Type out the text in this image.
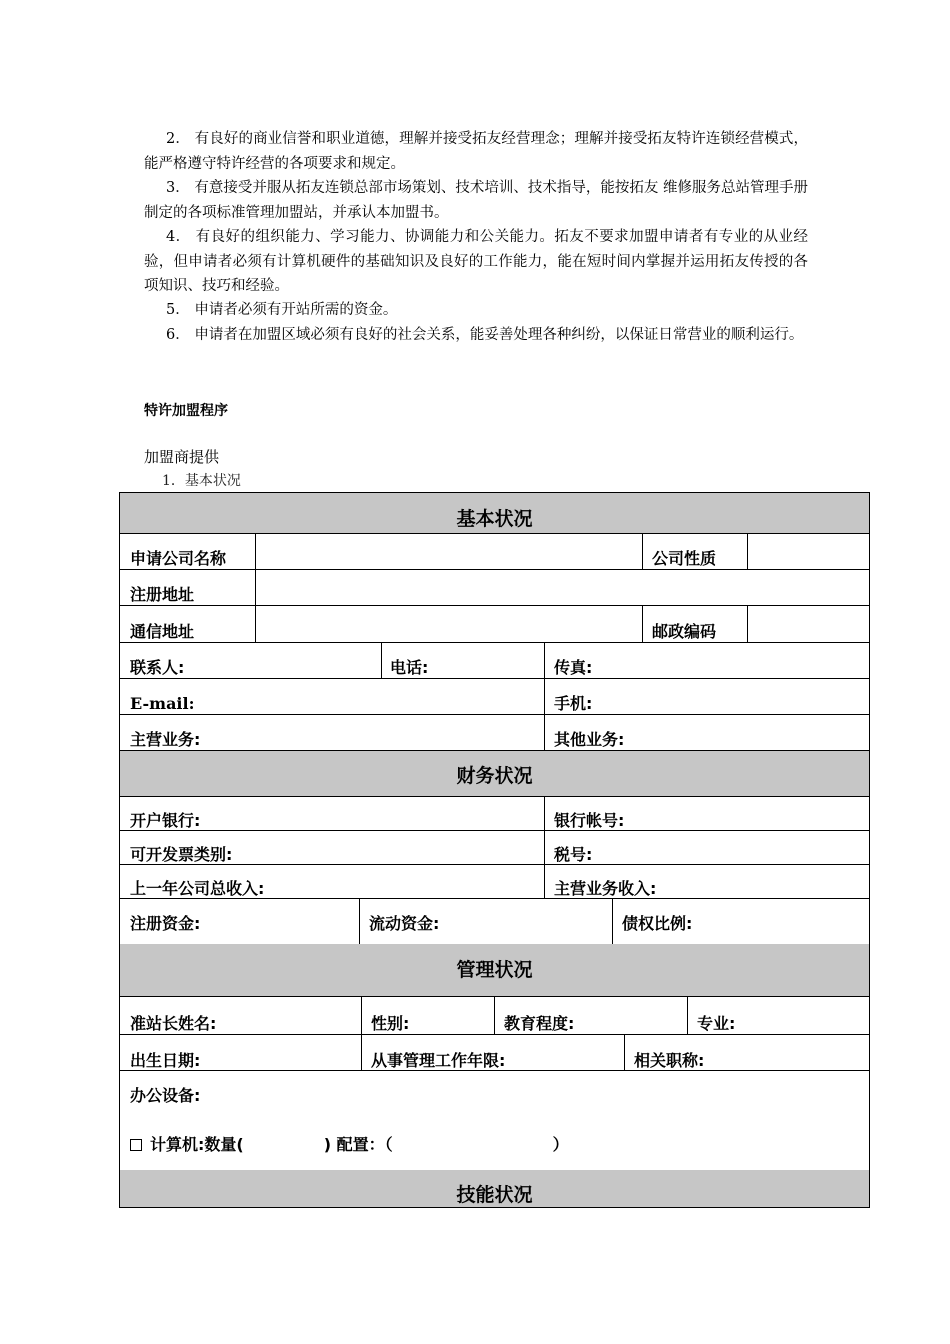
2． 有良好的商业信誉和职业道德，理解并接受拓友经营理念；理解并接受拓友特许连锁经营模式，能严格遵守特许经营的各项要求和规定。

3． 有意接受并服从拓友连锁总部市场策划、技术培训、技术指导，能按拓友 维修服务总站管理手册制定的各项标准管理加盟站，并承认本加盟书。

4． 有良好的组织能力、学习能力、协调能力和公关能力。拓友不要求加盟申请者有专业的从业经验，但申请者必须有计算机硬件的基础知识及良好的工作能力，能在短时间内掌握并运用拓友传授的各项知识、技巧和经验。

5． 申请者必须有开站所需的资金。

6． 申请者在加盟区域必须有良好的社会关系，能妥善处理各种纠纷，以保证日常营业的顺利运行。

特许加盟程序
加盟商提供
1．基本状况
基本状况
申请公司名称	公司性质
注册地址
通信地址	邮政编码
联系人:	电话:	传真:
E-mail:	手机:
主营业务:	其他业务:
财务状况
开户银行:	银行帐号:
可开发票类别:	税号:
上一年公司总收入:	主营业务收入:
注册资金:	流动资金:	债权比例:
管理状况
准站长姓名:	性别:	教育程度:	专业:
出生日期:	从事管理工作年限:	相关职称:
办公设备:
计算机:数量(	) 配置：（	）
技能状况
